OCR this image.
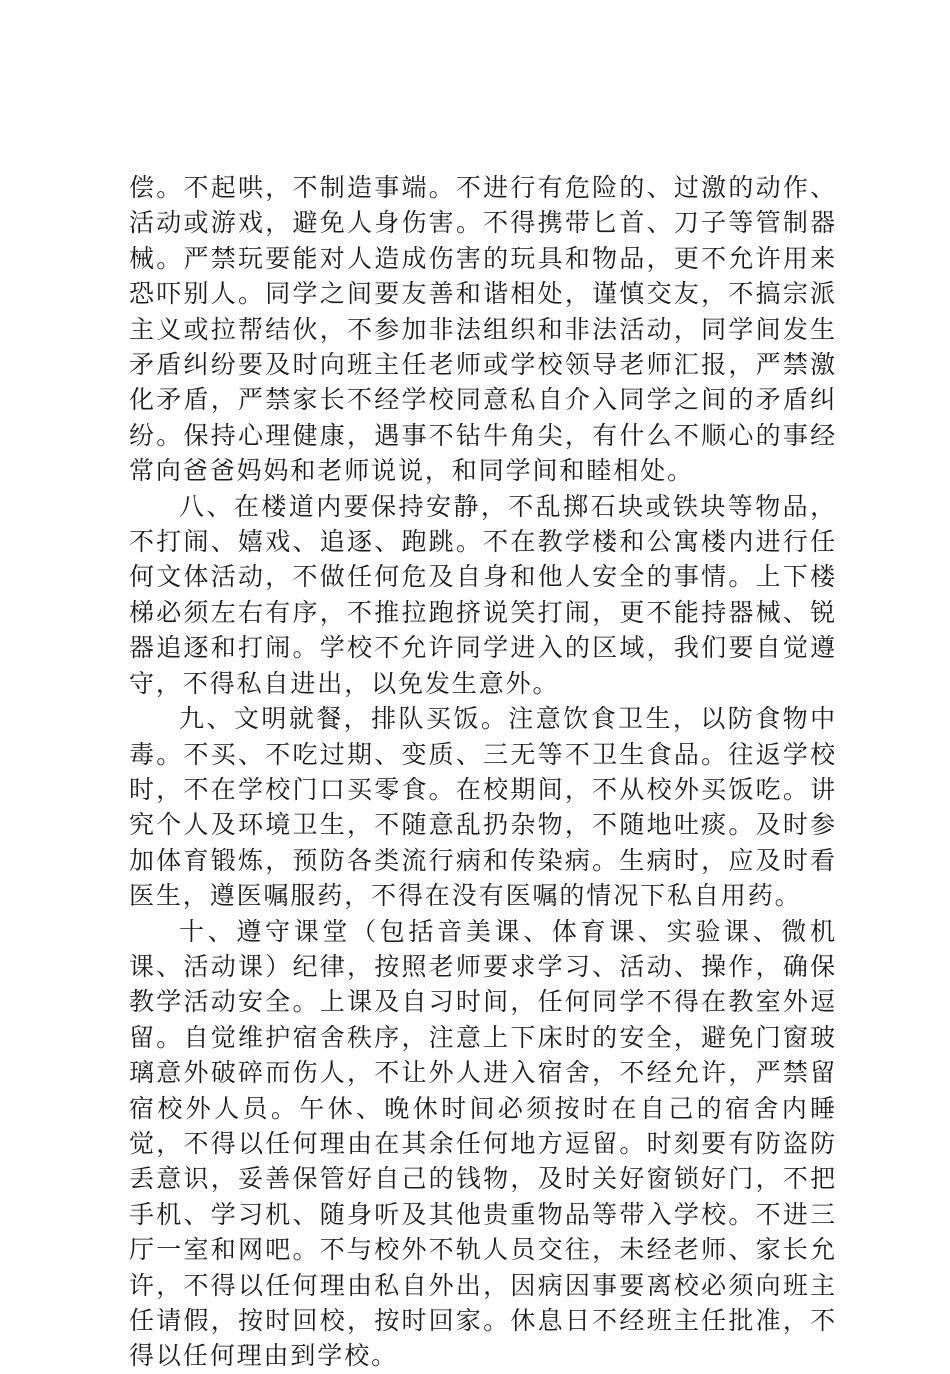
偿。不起哄，不制造事端。不进行有危险的、过激的动作、活动或游戏，避免人身伤害。不得携带匕首、刀子等管制器械。严禁玩要能对人造成伤害的玩具和物品，更不允许用来恐吓别人。同学之间要友善和谐相处，谨慎交友，不搞宗派主义或拉帮结伙，不参加非法组织和非法活动，同学间发生矛盾纠纷要及时向班主任老师或学校领导老师汇报，严禁激化矛盾，严禁家长不经学校同意私自介入同学之间的矛盾纠纷。保持心理健康，遇事不钻牛角尖，有什么不顺心的事经常向爸爸妈妈和老师说说，和同学间和睦相处。

八、在楼道内要保持安静，不乱掷石块或铁块等物品，不打闹、嬉戏、追逐、跑跳。不在教学楼和公寓楼内进行任何文体活动，不做任何危及自身和他人安全的事情。上下楼梯必须左右有序，不推拉跑挤说笑打闹，更不能持器械、锐器追逐和打闹。学校不允许同学进入的区域，我们要自觉遵守，不得私自进出，以免发生意外。

九、文明就餐，排队买饭。注意饮食卫生，以防食物中毒。不买、不吃过期、变质、三无等不卫生食品。往返学校时，不在学校门口买零食。在校期间，不从校外买饭吃。讲究个人及环境卫生，不随意乱扔杂物，不随地吐痰。及时参加体育锻炼，预防各类流行病和传染病。生病时，应及时看医生，遵医嘱服药，不得在没有医嘱的情况下私自用药。

十、遵守课堂（包括音美课、体育课、实验课、微机课、活动课）纪律，按照老师要求学习、活动、操作，确保教学活动安全。上课及自习时间，任何同学不得在教室外逗留。自觉维护宿舍秩序，注意上下床时的安全，避免门窗玻璃意外破碎而伤人，不让外人进入宿舍，不经允许，严禁留宿校外人员。午休、晚休时间必须按时在自己的宿舍内睡觉，不得以任何理由在其余任何地方逗留。时刻要有防盗防丢意识，妥善保管好自己的钱物，及时关好窗锁好门，不把手机、学习机、随身听及其他贵重物品等带入学校。不进三厅一室和网吧。不与校外不轨人员交往，未经老师、家长允许，不得以任何理由私自外出，因病因事要离校必须向班主任请假，按时回校，按时回家。休息日不经班主任批准，不得以任何理由到学校。
